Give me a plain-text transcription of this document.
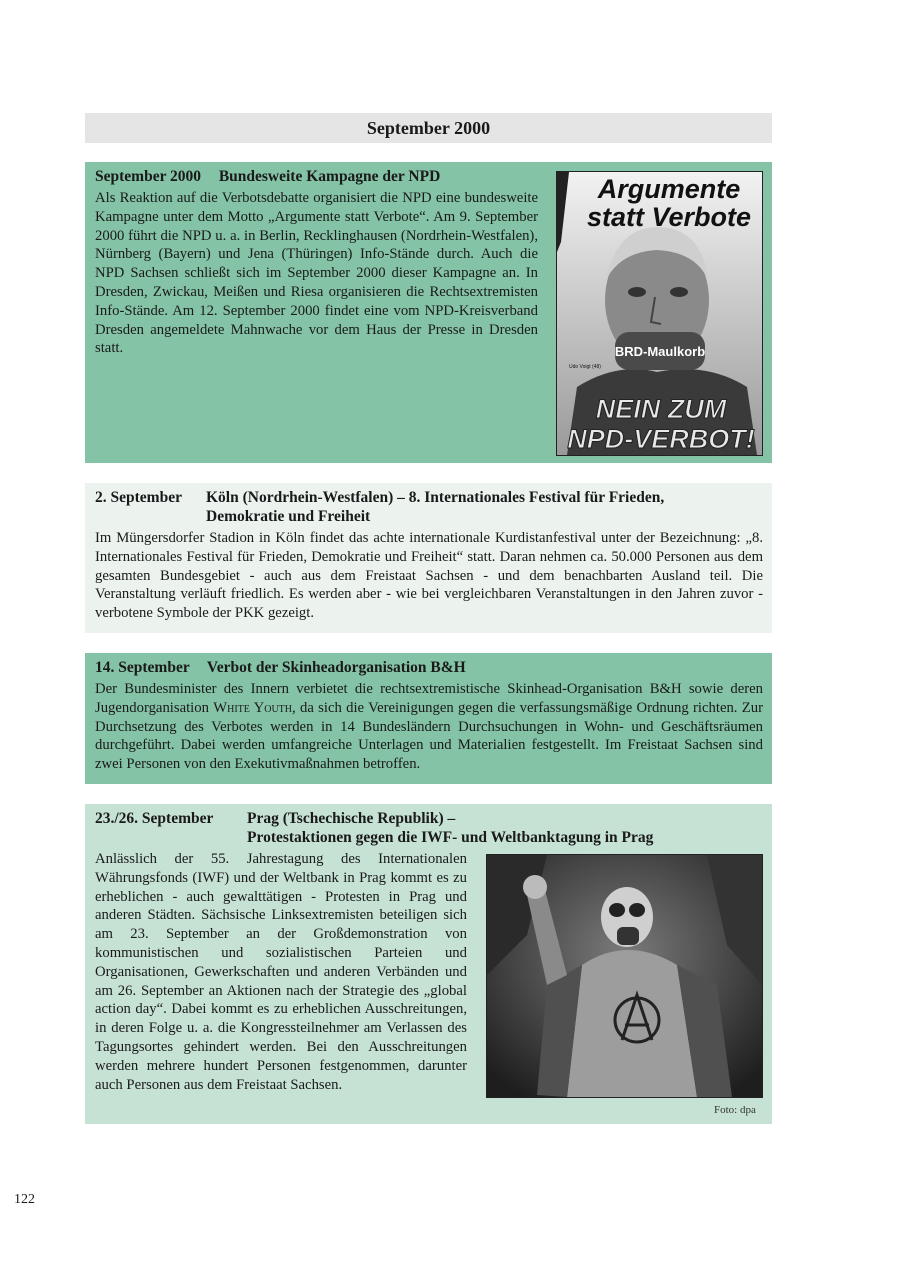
September 2000
September 2000 Bundesweite Kampagne der NPD
Als Reaktion auf die Verbotsdebatte organisiert die NPD eine bundesweite Kampagne unter dem Motto „Argumente statt Verbote“. Am 9. September 2000 führt die NPD u. a. in Berlin, Recklinghausen (Nordrhein-Westfalen), Nürnberg (Bayern) und Jena (Thüringen) Info-Stände durch. Auch die NPD Sachsen schließt sich im September 2000 dieser Kampagne an. In Dresden, Zwickau, Meißen und Riesa organisieren die Rechtsextremisten Info-Stände. Am 12. September 2000 findet eine vom NPD-Kreisverband Dresden angemeldete Mahnwache vor dem Haus der Presse in Dresden statt.	BRD-Maulkorb
Argumente
statt Verbote
Udo Voigt (48)
NEIN ZUM
NPD-VERBOT!
2. September Köln (Nordrhein-Westfalen) – 8. Internationales Festival für Frieden,
Demokratie und Freiheit
Im Müngersdorfer Stadion in Köln findet das achte internationale Kurdistanfestival unter der Bezeichnung: „8. Internationales Festival für Frieden, Demokratie und Freiheit“ statt. Daran nehmen ca. 50.000 Personen aus dem gesamten Bundesgebiet - auch aus dem Freistaat Sachsen - und dem benachbarten Ausland teil. Die Veranstaltung verläuft friedlich. Es werden aber - wie bei vergleichbaren Veranstaltungen in den Jahren zuvor - verbotene Symbole der PKK gezeigt.
14. September Verbot der Skinheadorganisation B&H
Der Bundesminister des Innern verbietet die rechtsextremistische Skinhead-Organisation B&H sowie deren Jugendorganisation White Youth, da sich die Vereinigungen gegen die verfassungsmäßige Ordnung richten. Zur Durchsetzung des Verbotes werden in 14 Bundesländern Durchsuchungen in Wohn- und Geschäftsräumen durchgeführt. Dabei werden umfangreiche Unterlagen und Materialien festgestellt. Im Freistaat Sachsen sind zwei Personen von den Exekutivmaßnahmen betroffen.
23./26. September Prag (Tschechische Republik) –
Protestaktionen gegen die IWF- und Weltbanktagung in Prag
Anlässlich der 55. Jahrestagung des Internationalen Währungsfonds (IWF) und der Weltbank in Prag kommt es zu erheblichen - auch gewalttätigen - Protesten in Prag und anderen Städten. Sächsische Linksextremisten beteiligen sich am 23. September an der Großdemonstration von kommunistischen und sozialistischen Parteien und Organisationen, Gewerkschaften und anderen Verbänden und am 26. September an Aktionen nach der Strategie des „global action day“. Dabei kommt es zu erheblichen Ausschreitungen, in deren Folge u. a. die Kongressteilnehmer am Verlassen des Tagungsortes gehindert werden. Bei den Ausschreitungen werden mehrere hundert Personen festgenommen, darunter auch Personen aus dem Freistaat Sachsen.
Foto: dpa
122
